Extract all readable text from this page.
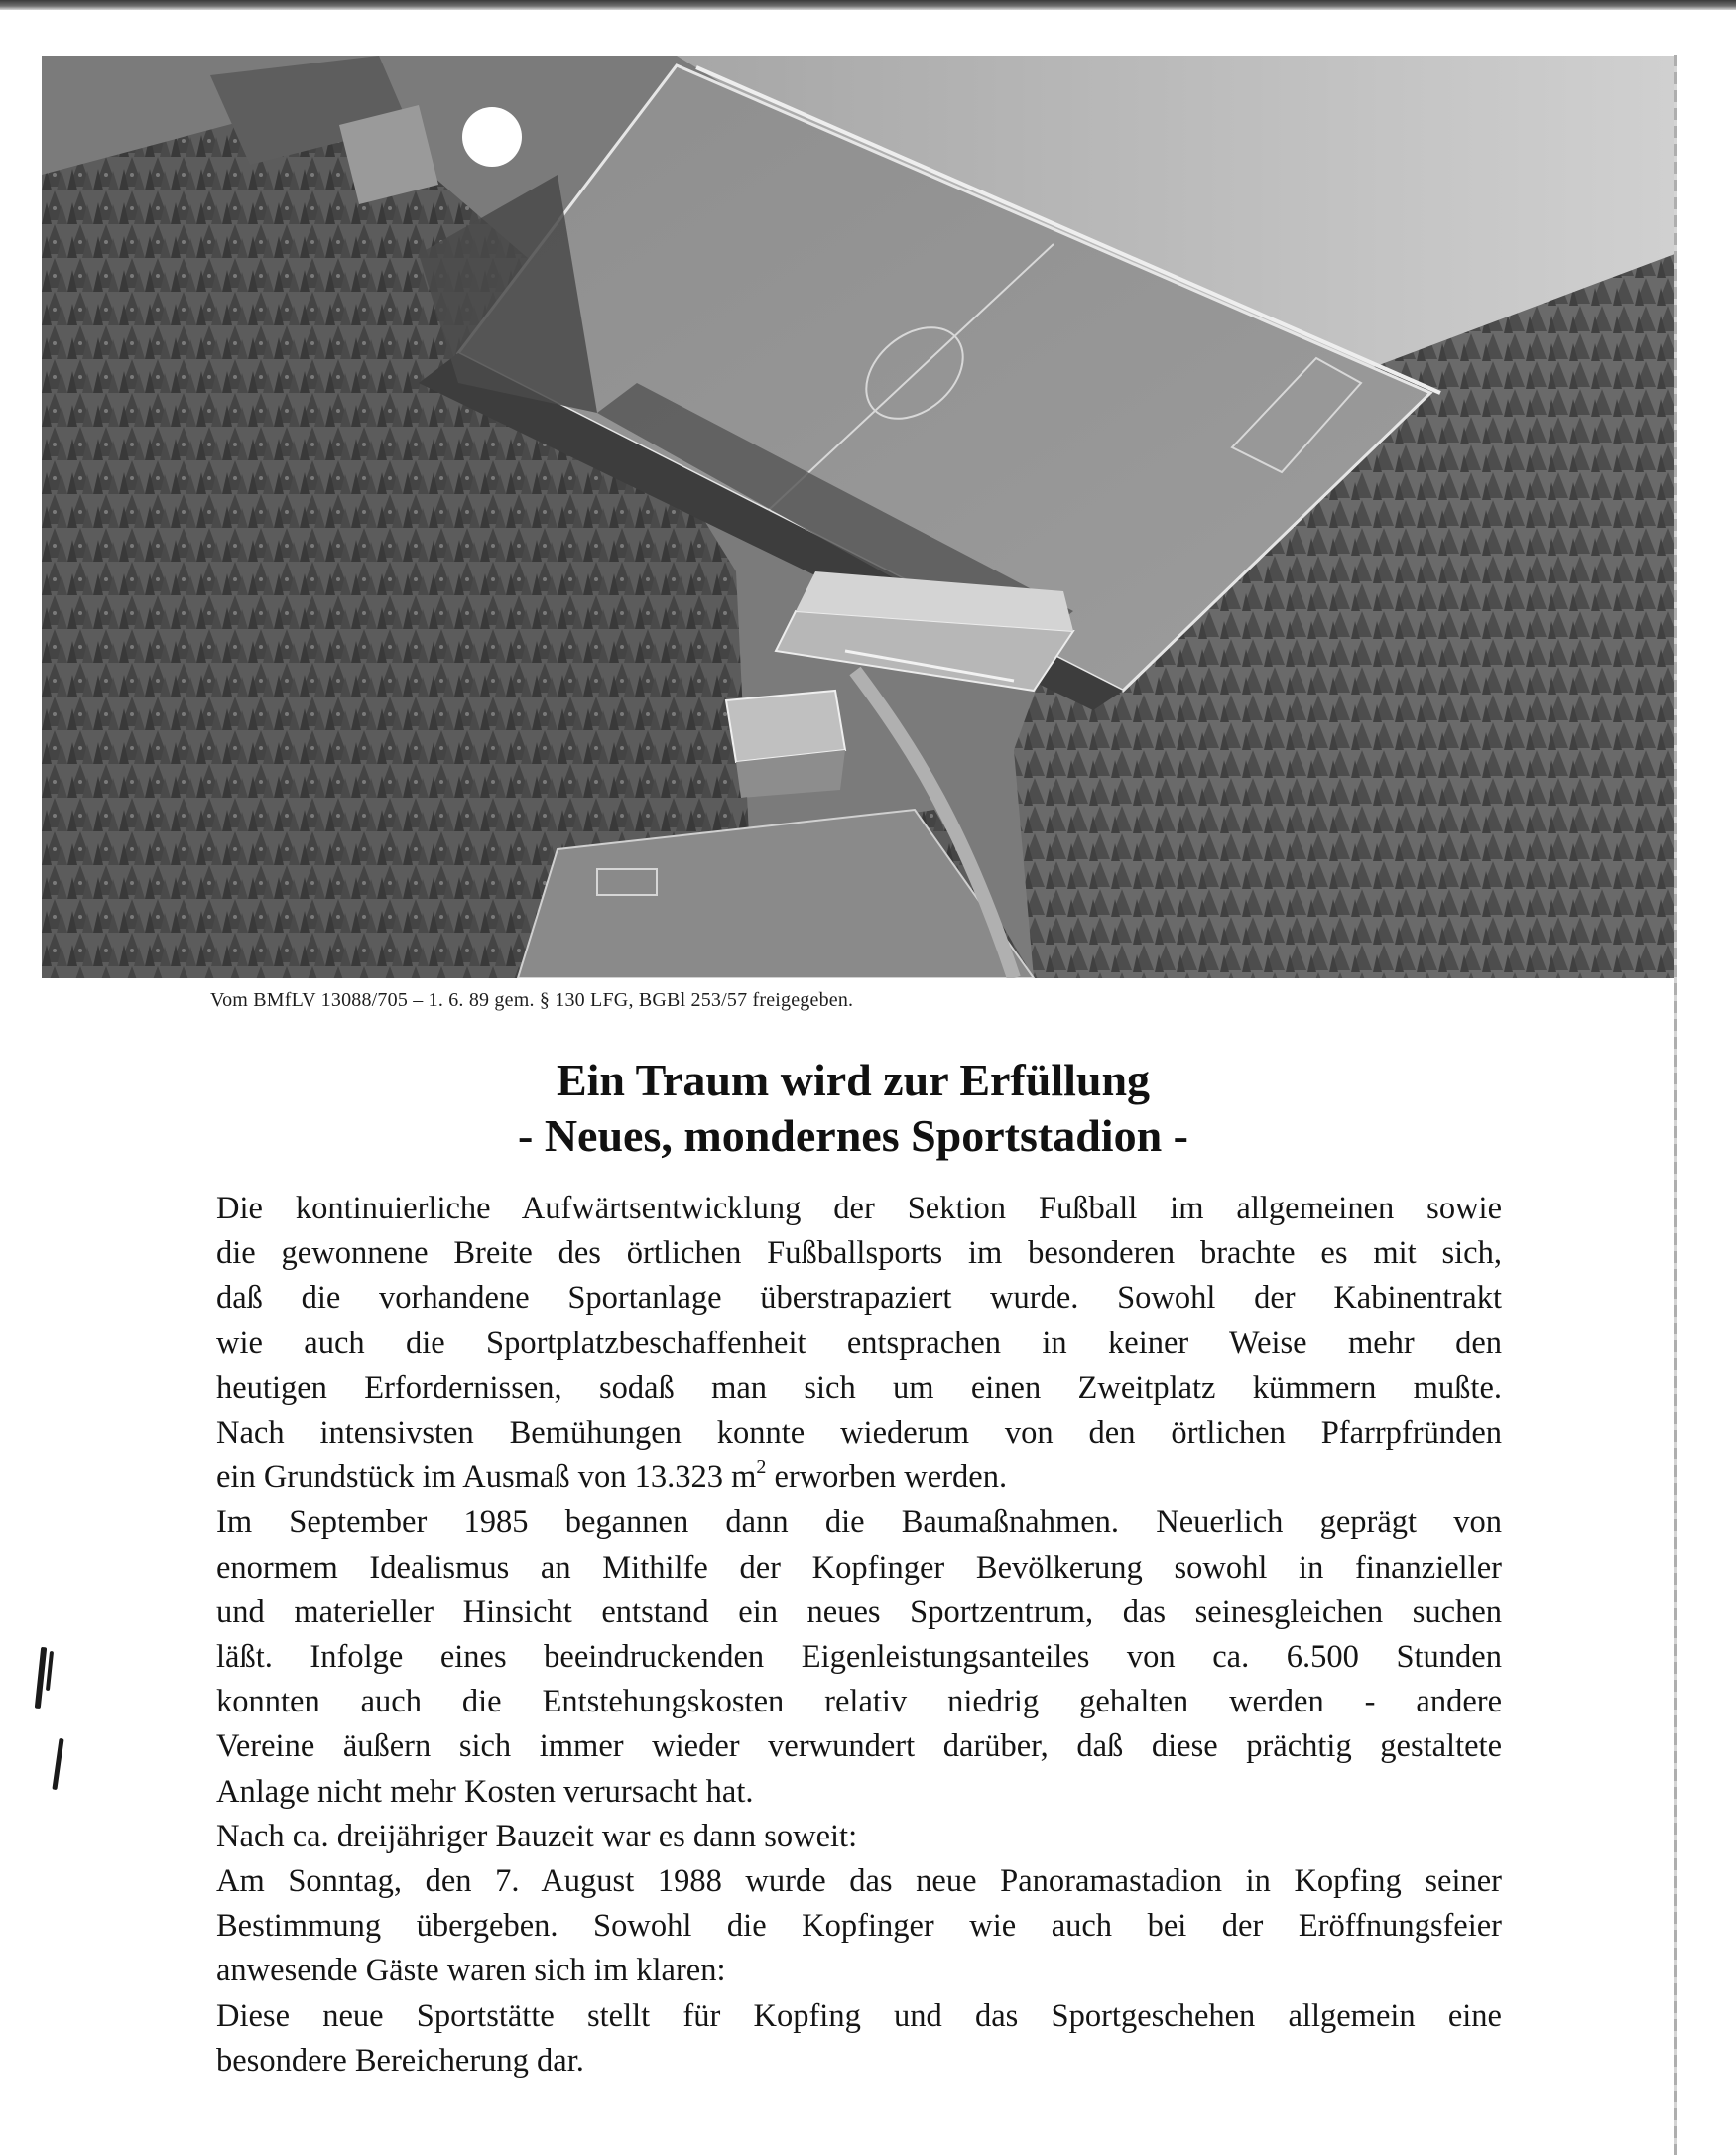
Vom BMfLV 13088/705 – 1. 6. 89 gem. § 130 LFG, BGBl 253/57 freigegeben.
Ein Traum wird zur Erfüllung
- Neues, mondernes Sportstadion -
Die kontinuierliche Aufwärtsentwicklung der Sektion Fußball im allgemeinen sowie
die gewonnene Breite des örtlichen Fußballsports im besonderen brachte es mit sich,
daß die vorhandene Sportanlage überstrapaziert wurde. Sowohl der Kabinentrakt
wie auch die Sportplatzbeschaffenheit entsprachen in keiner Weise mehr den
heutigen Erfordernissen, sodaß man sich um einen Zweitplatz kümmern mußte.
Nach intensivsten Bemühungen konnte wiederum von den örtlichen Pfarrpfründen
ein Grundstück im Ausmaß von 13.323 $m^2$ erworben werden.
Im September 1985 begannen dann die Baumaßnahmen. Neuerlich geprägt von
enormem Idealismus an Mithilfe der Kopfinger Bevölkerung sowohl in finanzieller
und materieller Hinsicht entstand ein neues Sportzentrum, das seinesgleichen suchen
läßt. Infolge eines beeindruckenden Eigenleistungsanteiles von ca. 6.500 Stunden
konnten auch die Entstehungskosten relativ niedrig gehalten werden - andere
Vereine äußern sich immer wieder verwundert darüber, daß diese prächtig gestaltete
Anlage nicht mehr Kosten verursacht hat.
Nach ca. dreijähriger Bauzeit war es dann soweit:
Am Sonntag, den 7. August 1988 wurde das neue Panoramastadion in Kopfing seiner
Bestimmung übergeben. Sowohl die Kopfinger wie auch bei der Eröffnungsfeier
anwesende Gäste waren sich im klaren:
Diese neue Sportstätte stellt für Kopfing und das Sportgeschehen allgemein eine
besondere Bereicherung dar.
